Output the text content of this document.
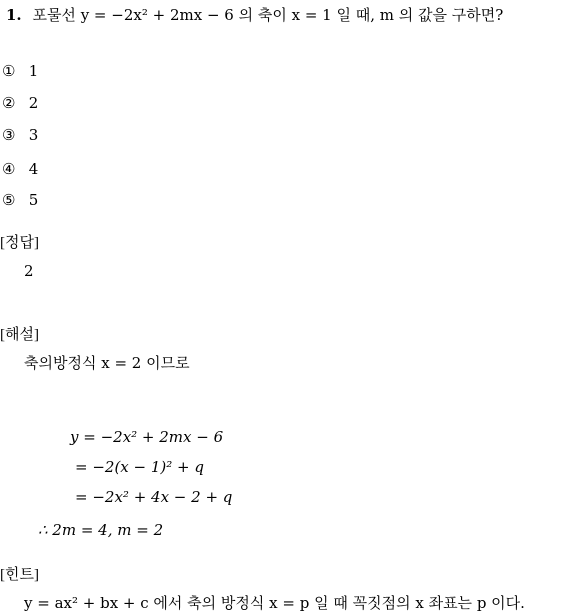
1. 포물선 y = −2x² + 2mx − 6 의 축이 x = 1 일 때, m 의 값을 구하면?
① 1
② 2
③ 3
④ 4
⑤ 5
[정답]
2
[해설]
축의방정식 x = 2 이므로
y = −2x² + 2mx − 6
= −2(x − 1)² + q
= −2x² + 4x − 2 + q
∴ 2m = 4, m = 2
[힌트]
y = ax² + bx + c 에서 축의 방정식 x = p 일 때 꼭짓점의 x 좌표는 p 이다.
